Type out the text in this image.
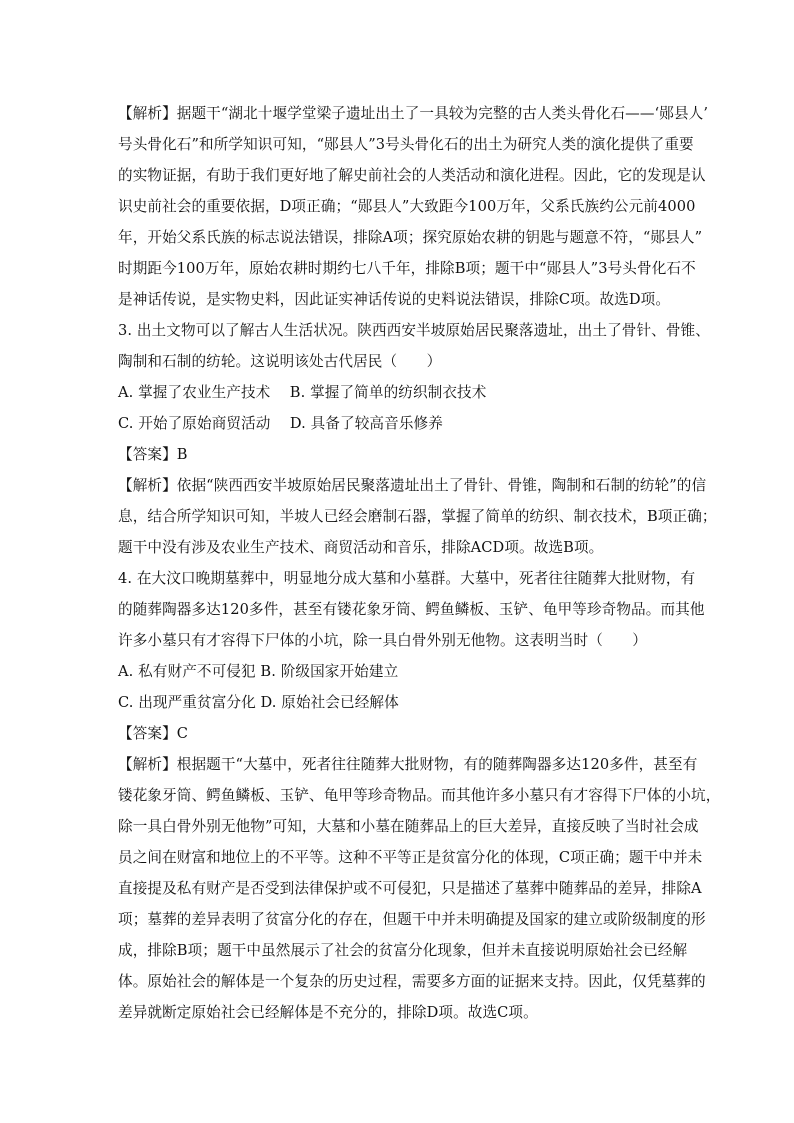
【解析】据题干“湖北十堰学堂梁子遗址出土了一具较为完整的古人类头骨化石——‘郧县人’
号头骨化石”和所学知识可知，“郧县人”3号头骨化石的出土为研究人类的演化提供了重要
的实物证据，有助于我们更好地了解史前社会的人类活动和演化进程。因此，它的发现是认
识史前社会的重要依据，D项正确；“郧县人”大致距今100万年，父系氏族约公元前4000
年，开始父系氏族的标志说法错误，排除A项；探究原始农耕的钥匙与题意不符，“郧县人”
时期距今100万年，原始农耕时期约七八千年，排除B项；题干中“郧县人”3号头骨化石不
是神话传说，是实物史料，因此证实神话传说的史料说法错误，排除C项。故选D项。
3. 出土文物可以了解古人生活状况。陕西西安半坡原始居民聚落遗址，出土了骨针、骨锥、
陶制和石制的纺轮。这说明该处古代居民（　　）
A. 掌握了农业生产技术　 B. 掌握了简单的纺织制衣技术
C. 开始了原始商贸活动　 D. 具备了较高音乐修养
【答案】B
【解析】依据“陕西西安半坡原始居民聚落遗址出土了骨针、骨锥，陶制和石制的纺轮”的信
息，结合所学知识可知，半坡人已经会磨制石器，掌握了简单的纺织、制衣技术，B项正确；
题干中没有涉及农业生产技术、商贸活动和音乐，排除ACD项。故选B项。
4. 在大汶口晚期墓葬中，明显地分成大墓和小墓群。大墓中，死者往往随葬大批财物，有
的随葬陶器多达120多件，甚至有镂花象牙筒、鳄鱼鳞板、玉铲、龟甲等珍奇物品。而其他
许多小墓只有才容得下尸体的小坑，除一具白骨外别无他物。这表明当时（　　）
A. 私有财产不可侵犯 B. 阶级国家开始建立
C. 出现严重贫富分化 D. 原始社会已经解体
【答案】C
【解析】根据题干“大墓中，死者往往随葬大批财物，有的随葬陶器多达120多件，甚至有
镂花象牙筒、鳄鱼鳞板、玉铲、龟甲等珍奇物品。而其他许多小墓只有才容得下尸体的小坑，
除一具白骨外别无他物”可知，大墓和小墓在随葬品上的巨大差异，直接反映了当时社会成
员之间在财富和地位上的不平等。这种不平等正是贫富分化的体现，C项正确；题干中并未
直接提及私有财产是否受到法律保护或不可侵犯，只是描述了墓葬中随葬品的差异，排除A
项；墓葬的差异表明了贫富分化的存在，但题干中并未明确提及国家的建立或阶级制度的形
成，排除B项；题干中虽然展示了社会的贫富分化现象，但并未直接说明原始社会已经解
体。原始社会的解体是一个复杂的历史过程，需要多方面的证据来支持。因此，仅凭墓葬的
差异就断定原始社会已经解体是不充分的，排除D项。故选C项。
